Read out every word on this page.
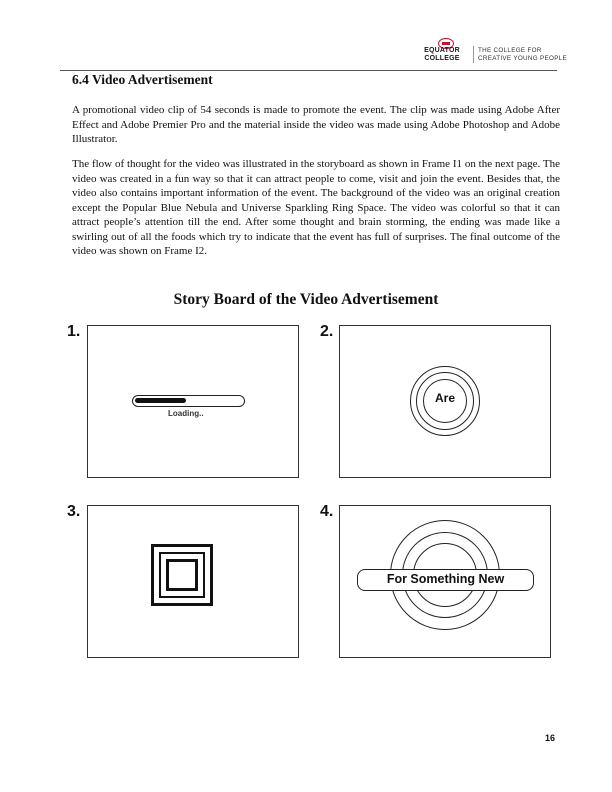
EQUATOR COLLEGE
THE COLLEGE FOR CREATIVE YOUNG PEOPLE
6.4 Video Advertisement

A promotional video clip of 54 seconds is made to promote the event. The clip was made using Adobe After Effect and Adobe Premier Pro and the material inside the video was made using Adobe Photoshop and Adobe Illustrator.

The flow of thought for the video was illustrated in the storyboard as shown in Frame I1 on the next page. The video was created in a fun way so that it can attract people to come, visit and join the event. Besides that, the video also contains important information of the event. The background of the video was an original creation except the Popular Blue Nebula and Universe Sparkling Ring Space. The video was colorful so that it can attract people’s attention till the end. After some thought and brain storming, the ending was made like a swirling out of all the foods which try to indicate that the event has full of surprises. The final outcome of the video was shown on Frame I2.

Story Board of the Video Advertisement
1.
Loading..
2.
Are
3.	4.
For Something New
16
